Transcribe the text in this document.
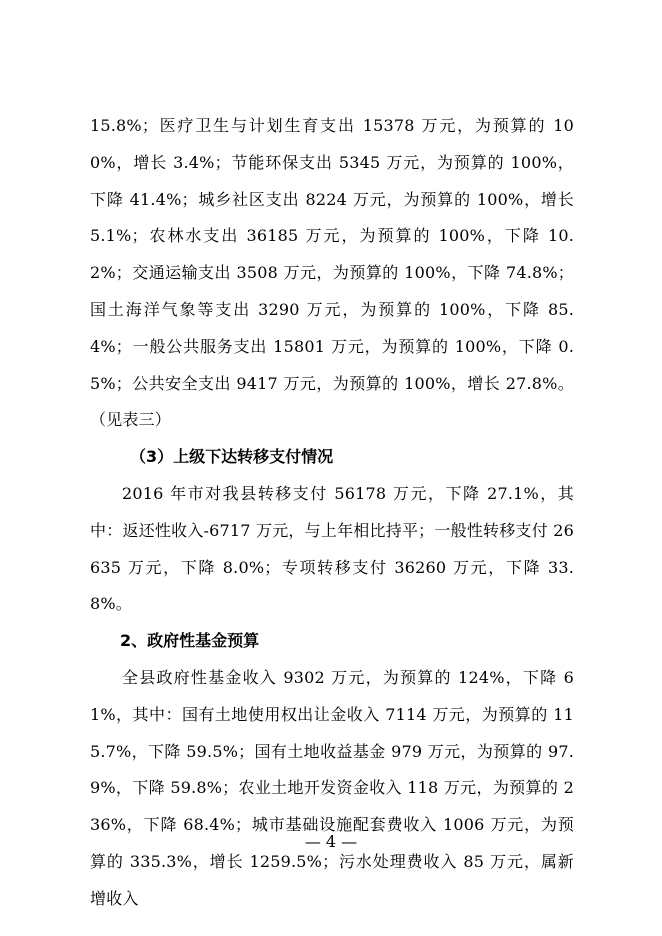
15.8%；医疗卫生与计划生育支出 15378 万元，为预算的 100%，增长 3.4%；节能环保支出 5345 万元，为预算的 100%，下降 41.4%；城乡社区支出 8224 万元，为预算的 100%，增长 5.1%；农林水支出 36185 万元，为预算的 100%，下降 10.2%；交通运输支出 3508 万元，为预算的 100%，下降 74.8%；国土海洋气象等支出 3290 万元，为预算的 100%，下降 85.4%；一般公共服务支出 15801 万元，为预算的 100%，下降 0.5%；公共安全支出 9417 万元，为预算的 100%，增长 27.8%。（见表三）

（3）上级下达转移支付情况

2016 年市对我县转移支付 56178 万元，下降 27.1%，其中：返还性收入-6717 万元，与上年相比持平；一般性转移支付 26635 万元，下降 8.0%；专项转移支付 36260 万元，下降 33.8%。

2、政府性基金预算

全县政府性基金收入 9302 万元，为预算的 124%，下降 61%，其中：国有土地使用权出让金收入 7114 万元，为预算的 115.7%，下降 59.5%；国有土地收益基金 979 万元，为预算的 97.9%，下降 59.8%；农业土地开发资金收入 118 万元，为预算的 236%，下降 68.4%；城市基础设施配套费收入 1006 万元，为预算的 335.3%，增长 1259.5%；污水处理费收入 85 万元，属新增收入

— 4 —
